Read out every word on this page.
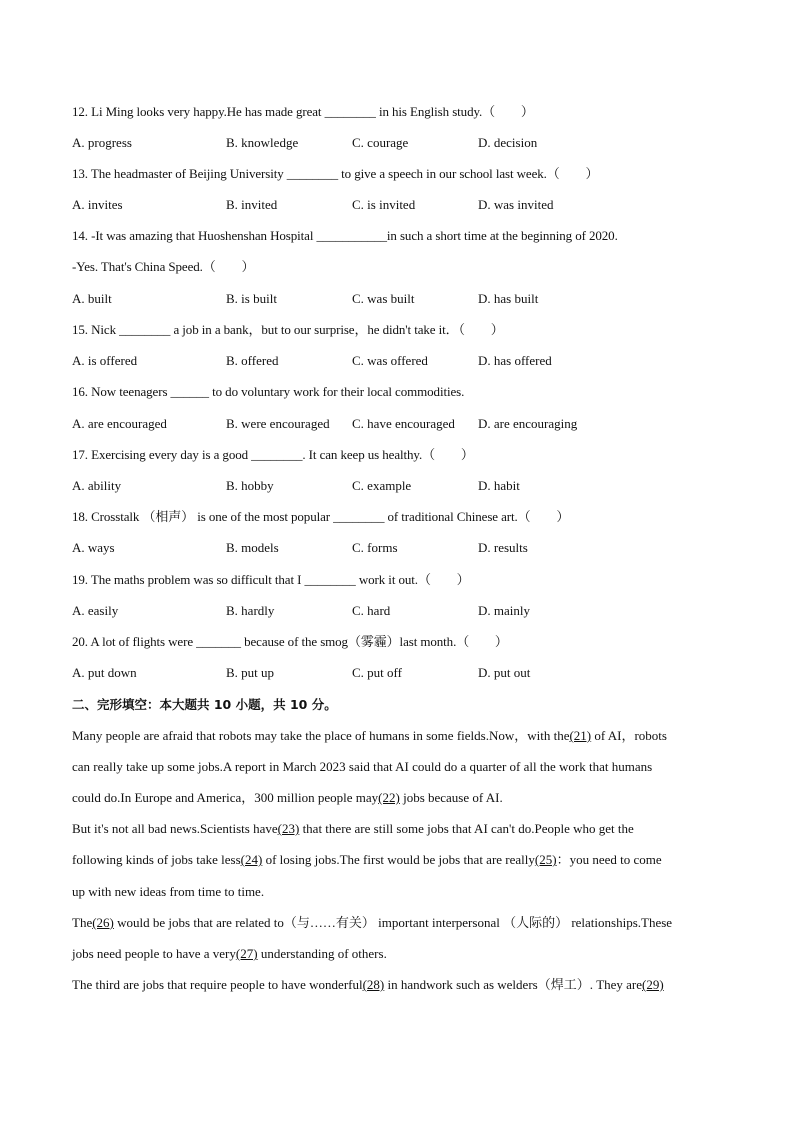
12. Li Ming looks very happy.He has made great ________ in his English study.（　　）
A. progress	B. knowledge	C. courage	D. decision
13. The headmaster of Beijing University ________ to give a speech in our school last week.（　　）
A. invites	B. invited	C. is invited	D. was invited
14. -It was amazing that Huoshenshan Hospital ___________in such a short time at the beginning of 2020.
-Yes. That's China Speed.（　　）
A. built	B. is built	C. was built	D. has built
15. Nick ________ a job in a bank，but to our surprise，he didn't take it．（　　）
A. is offered	B. offered	C. was offered	D. has offered
16. Now teenagers ______ to do voluntary work for their local commodities.
A. are encouraged	B. were encouraged C. have encouraged D. are encouraging
17. Exercising every day is a good ________. It can keep us healthy.（　　）
A. ability	B. hobby	C. example	D. habit
18. Crosstalk （相声） is one of the most popular ________ of traditional Chinese art.（　　）
A. ways	B. models	C. forms	D. results
19. The maths problem was so difficult that I ________ work it out.（　　）
A. easily	B. hardly	C. hard	D. mainly
20. A lot of flights were _______ because of the smog（雾霾）last month.（　　）
A. put down	B. put up	C. put off	D. put out
二、完形填空：本大题共 10 小题，共 10 分。
Many people are afraid that robots may take the place of humans in some fields.Now，with the(21) of AI，robots
can really take up some jobs.A report in March 2023 said that AI could do a quarter of all the work that humans
could do.In Europe and America，300 million people may(22) jobs because of AI.
But it's not all bad news.Scientists have(23) that there are still some jobs that AI can't do.People who get the
following kinds of jobs take less(24) of losing jobs.The first would be jobs that are really(25)：you need to come
up with new ideas from time to time.
The(26) would be jobs that are related to（与……有关） important interpersonal （人际的） relationships.These
jobs need people to have a very(27) understanding of others.
The third are jobs that require people to have wonderful(28) in handwork such as welders（焊工）. They are(29)
